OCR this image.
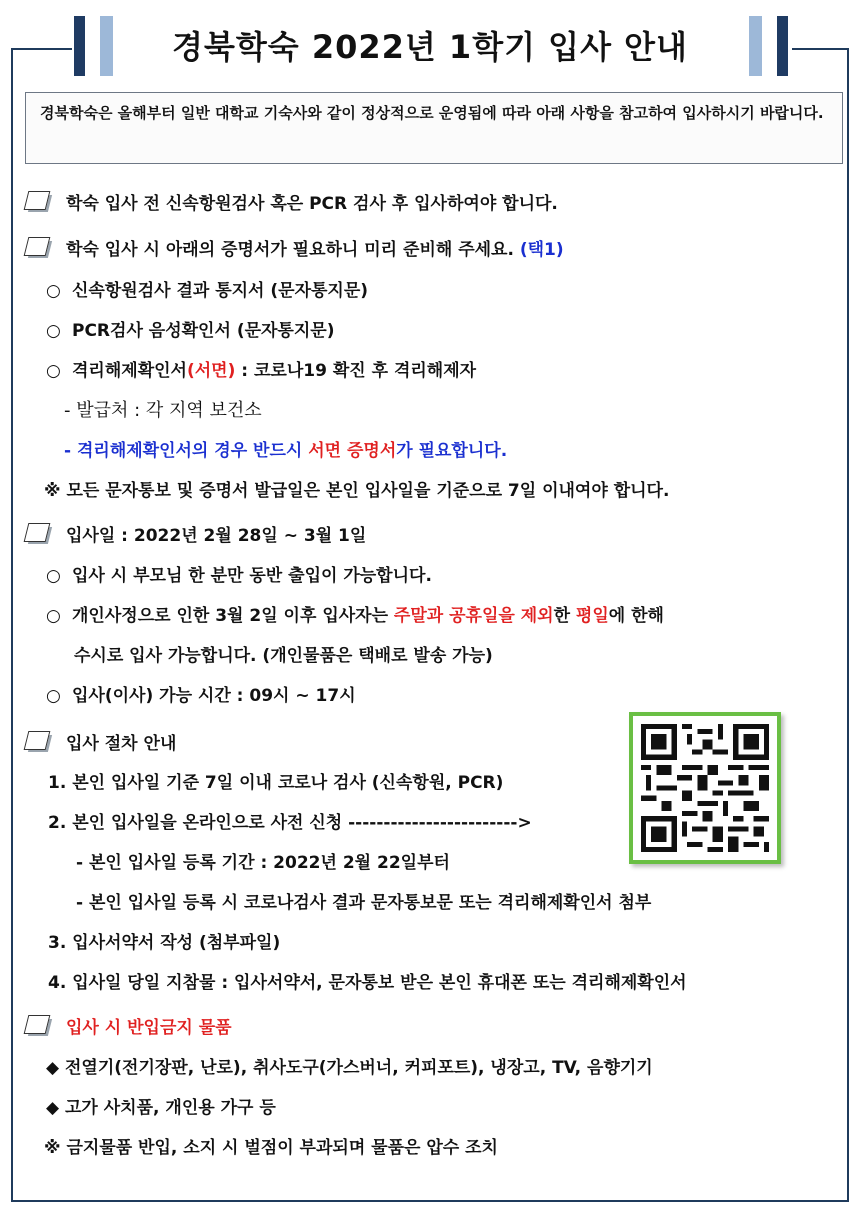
경북학숙 2022년 1학기 입사 안내
경북학숙은 올해부터 일반 대학교 기숙사와 같이 정상적으로 운영됨에 따라 아래 사항을 참고하여 입사하시기 바랍니다.
학숙 입사 전 신속항원검사 혹은 PCR 검사 후 입사하여야 합니다.
학숙 입사 시 아래의 증명서가 필요하니 미리 준비해 주세요. (택1)
○ 신속항원검사 결과 통지서 (문자통지문)
○ PCR검사 음성확인서 (문자통지문)
○ 격리해제확인서(서면) : 코로나19 확진 후 격리해제자
- 발급처 : 각 지역 보건소
- 격리해제확인서의 경우 반드시 서면 증명서가 필요합니다.
※ 모든 문자통보 및 증명서 발급일은 본인 입사일을 기준으로 7일 이내여야 합니다.
입사일 : 2022년 2월 28일 ~ 3월 1일
○ 입사 시 부모님 한 분만 동반 출입이 가능합니다.
○ 개인사정으로 인한 3월 2일 이후 입사자는 주말과 공휴일을 제외한 평일에 한해
수시로 입사 가능합니다. (개인물품은 택배로 발송 가능)
○ 입사(이사) 가능 시간 : 09시 ~ 17시
입사 절차 안내
1. 본인 입사일 기준 7일 이내 코로나 검사 (신속항원, PCR)
2. 본인 입사일을 온라인으로 사전 신청 ------------------------>
- 본인 입사일 등록 기간 : 2022년 2월 22일부터
- 본인 입사일 등록 시 코로나검사 결과 문자통보문 또는 격리해제확인서 첨부
3. 입사서약서 작성 (첨부파일)
4. 입사일 당일 지참물 : 입사서약서, 문자통보 받은 본인 휴대폰 또는 격리해제확인서
입사 시 반입금지 물품
◆ 전열기(전기장판, 난로), 취사도구(가스버너, 커피포트), 냉장고, TV, 음향기기
◆ 고가 사치품, 개인용 가구 등
※ 금지물품 반입, 소지 시 벌점이 부과되며 물품은 압수 조치
